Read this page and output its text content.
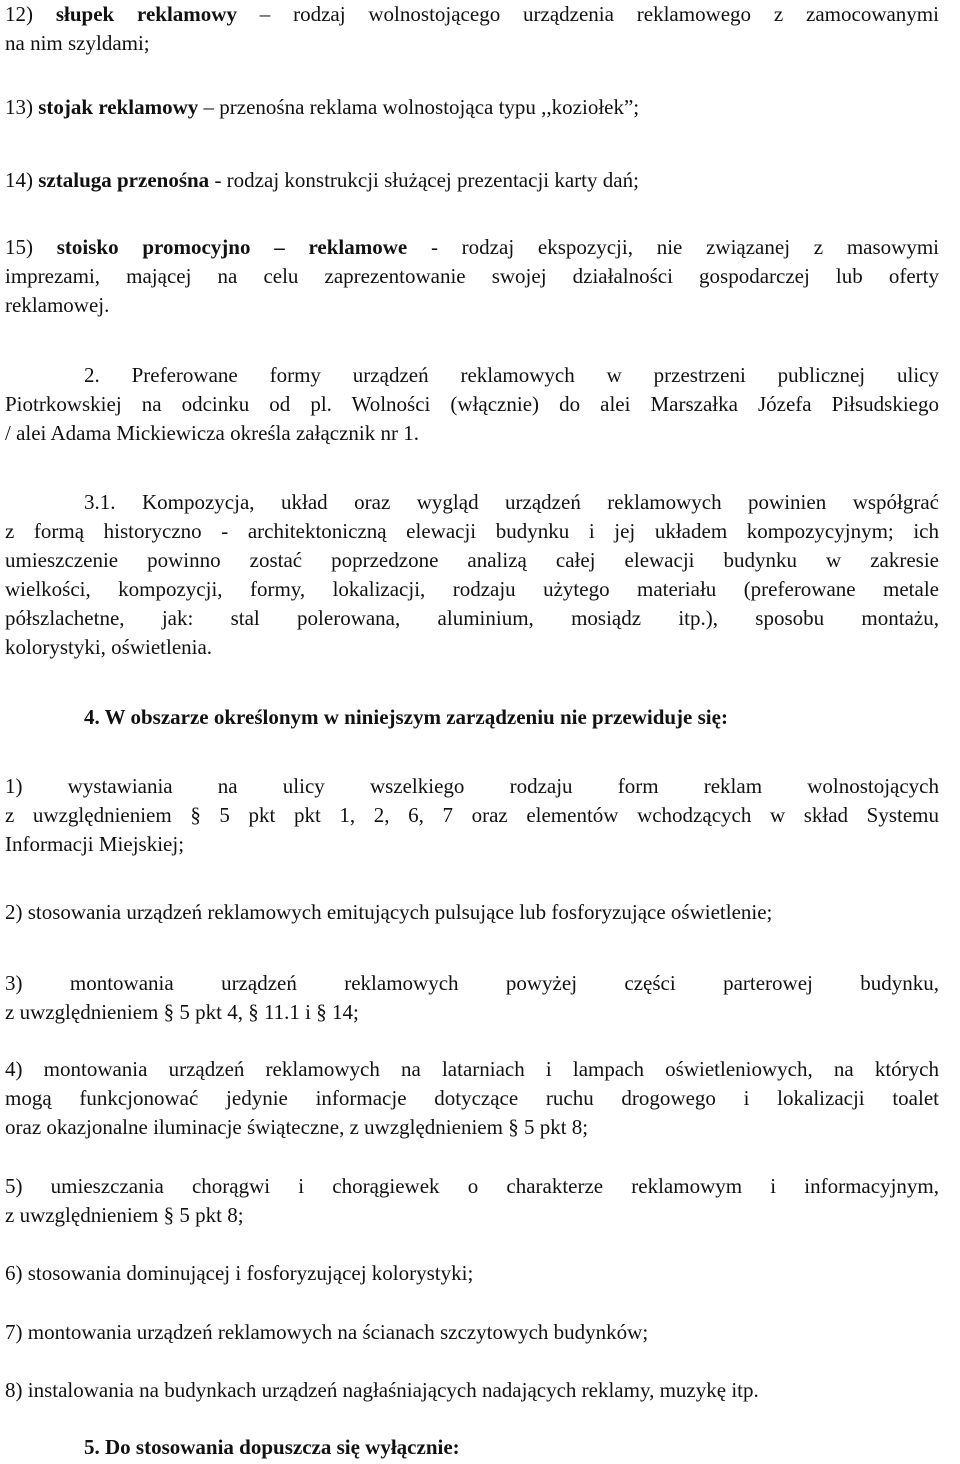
12) słupek reklamowy – rodzaj wolnostojącego urządzenia reklamowego z zamocowanymi
na nim szyldami;

13) stojak reklamowy – przenośna reklama wolnostojąca typu ,,koziołek”;

14) sztaluga przenośna - rodzaj konstrukcji służącej prezentacji karty dań;

15) stoisko promocyjno – reklamowe - rodzaj ekspozycji, nie związanej z masowymi
imprezami, mającej na celu zaprezentowanie swojej działalności gospodarczej lub oferty
reklamowej.

2. Preferowane formy urządzeń reklamowych w przestrzeni publicznej ulicy
Piotrkowskiej na odcinku od pl. Wolności (włącznie) do alei Marszałka Józefa Piłsudskiego
/ alei Adama Mickiewicza określa załącznik nr 1.

3.1. Kompozycja, układ oraz wygląd urządzeń reklamowych powinien współgrać
z formą historyczno - architektoniczną elewacji budynku i jej układem kompozycyjnym; ich
umieszczenie powinno zostać poprzedzone analizą całej elewacji budynku w zakresie
wielkości, kompozycji, formy, lokalizacji, rodzaju użytego materiału (preferowane metale
półszlachetne, jak: stal polerowana, aluminium, mosiądz itp.), sposobu montażu,
kolorystyki, oświetlenia.

4. W obszarze określonym w niniejszym zarządzeniu nie przewiduje się:

1) wystawiania na ulicy wszelkiego rodzaju form reklam wolnostojących
z uwzględnieniem § 5 pkt pkt 1, 2, 6, 7 oraz elementów wchodzących w skład Systemu
Informacji Miejskiej;

2) stosowania urządzeń reklamowych emitujących pulsujące lub fosforyzujące oświetlenie;

3) montowania urządzeń reklamowych powyżej części parterowej budynku,
z uwzględnieniem § 5 pkt 4, § 11.1 i § 14;

4) montowania urządzeń reklamowych na latarniach i lampach oświetleniowych, na których
mogą funkcjonować jedynie informacje dotyczące ruchu drogowego i lokalizacji toalet
oraz okazjonalne iluminacje świąteczne, z uwzględnieniem § 5 pkt 8;

5) umieszczania chorągwi i chorągiewek o charakterze reklamowym i informacyjnym,
z uwzględnieniem § 5 pkt 8;

6) stosowania dominującej i fosforyzującej kolorystyki;

7) montowania urządzeń reklamowych na ścianach szczytowych budynków;

8) instalowania na budynkach urządzeń nagłaśniających nadających reklamy, muzykę itp.

5. Do stosowania dopuszcza się wyłącznie:
